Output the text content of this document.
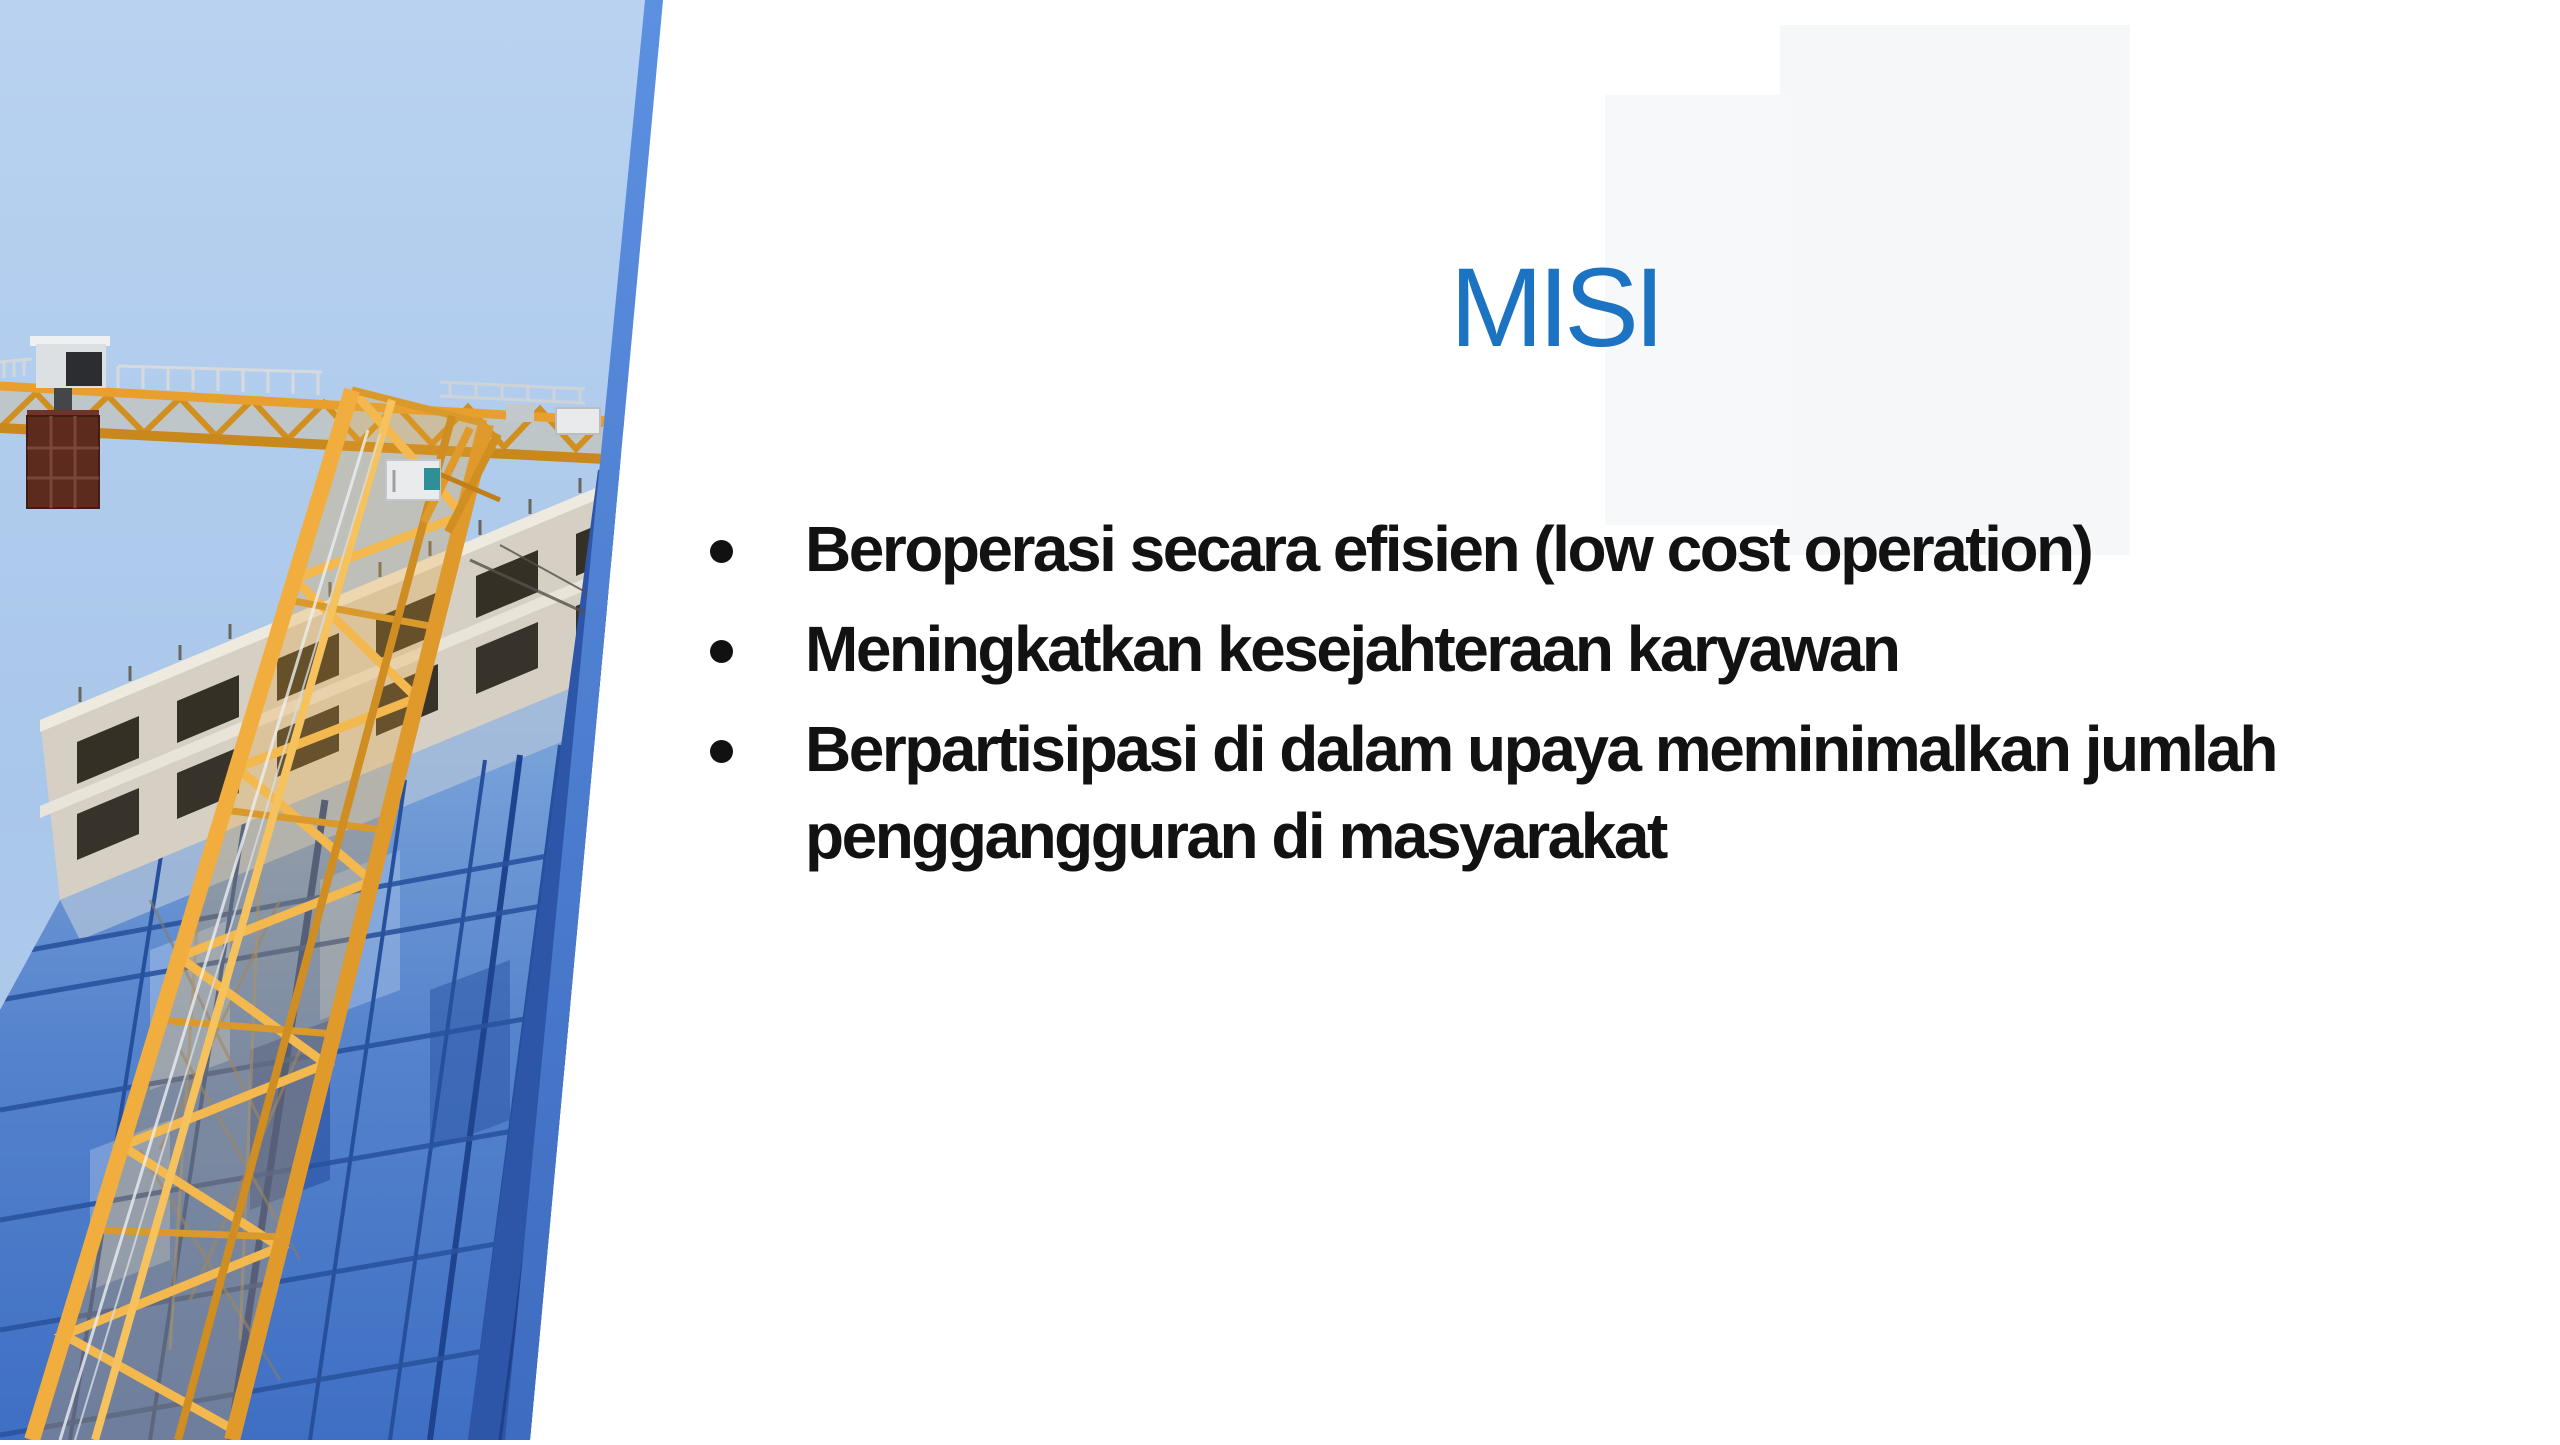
MISI
Beroperasi secara efisien (low cost operation)
Meningkatkan kesejahteraan karyawan
Berpartisipasi di dalam upaya meminimalkan jumlah penggangguran di masyarakat
